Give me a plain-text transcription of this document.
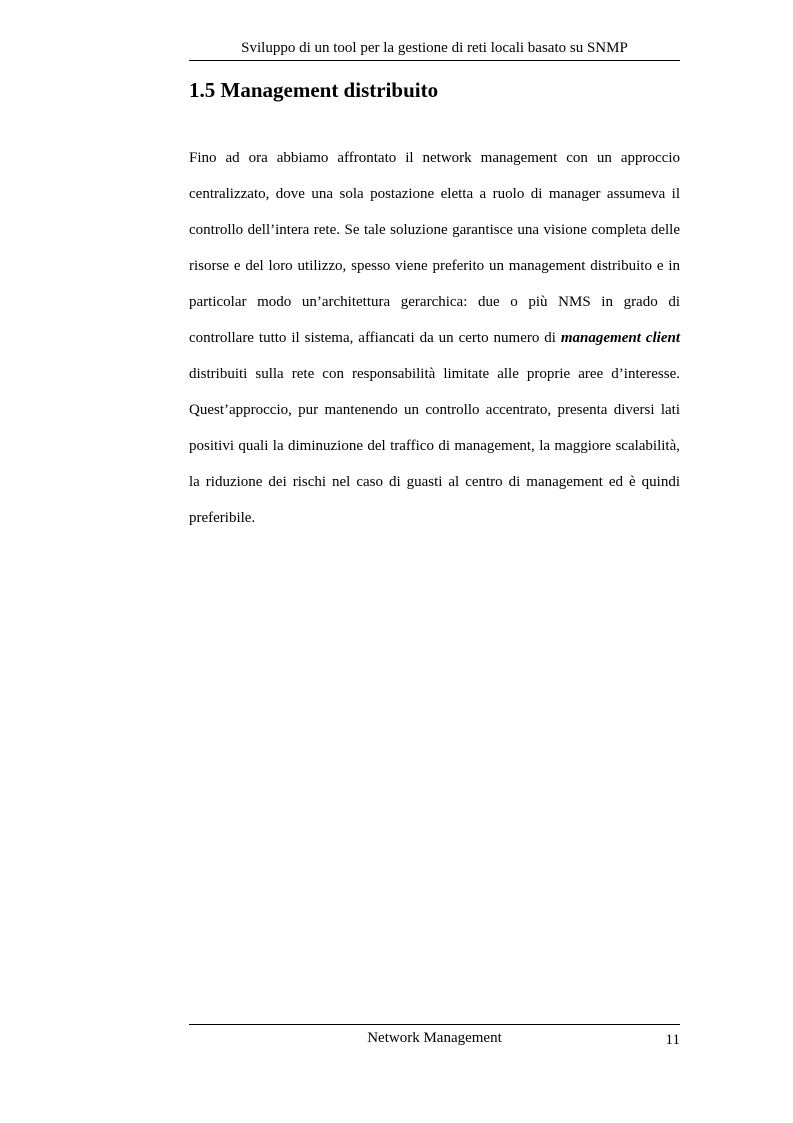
Sviluppo di un tool per la gestione di reti locali basato su SNMP
1.5 Management distribuito

Fino ad ora abbiamo affrontato il network management con un approccio centralizzato, dove una sola postazione eletta a ruolo di manager assumeva il controllo dell’intera rete. Se tale soluzione garantisce una visione completa delle risorse e del loro utilizzo, spesso viene preferito un management distribuito e in particolar modo un’architettura gerarchica: due o più NMS in grado di controllare tutto il sistema, affiancati da un certo numero di management client distribuiti sulla rete con responsabilità limitate alle proprie aree d’interesse. Quest’approccio, pur mantenendo un controllo accentrato, presenta diversi lati positivi quali la diminuzione del traffico di management, la maggiore scalabilità, la riduzione dei rischi nel caso di guasti al centro di management ed è quindi preferibile.

Network Management	11
